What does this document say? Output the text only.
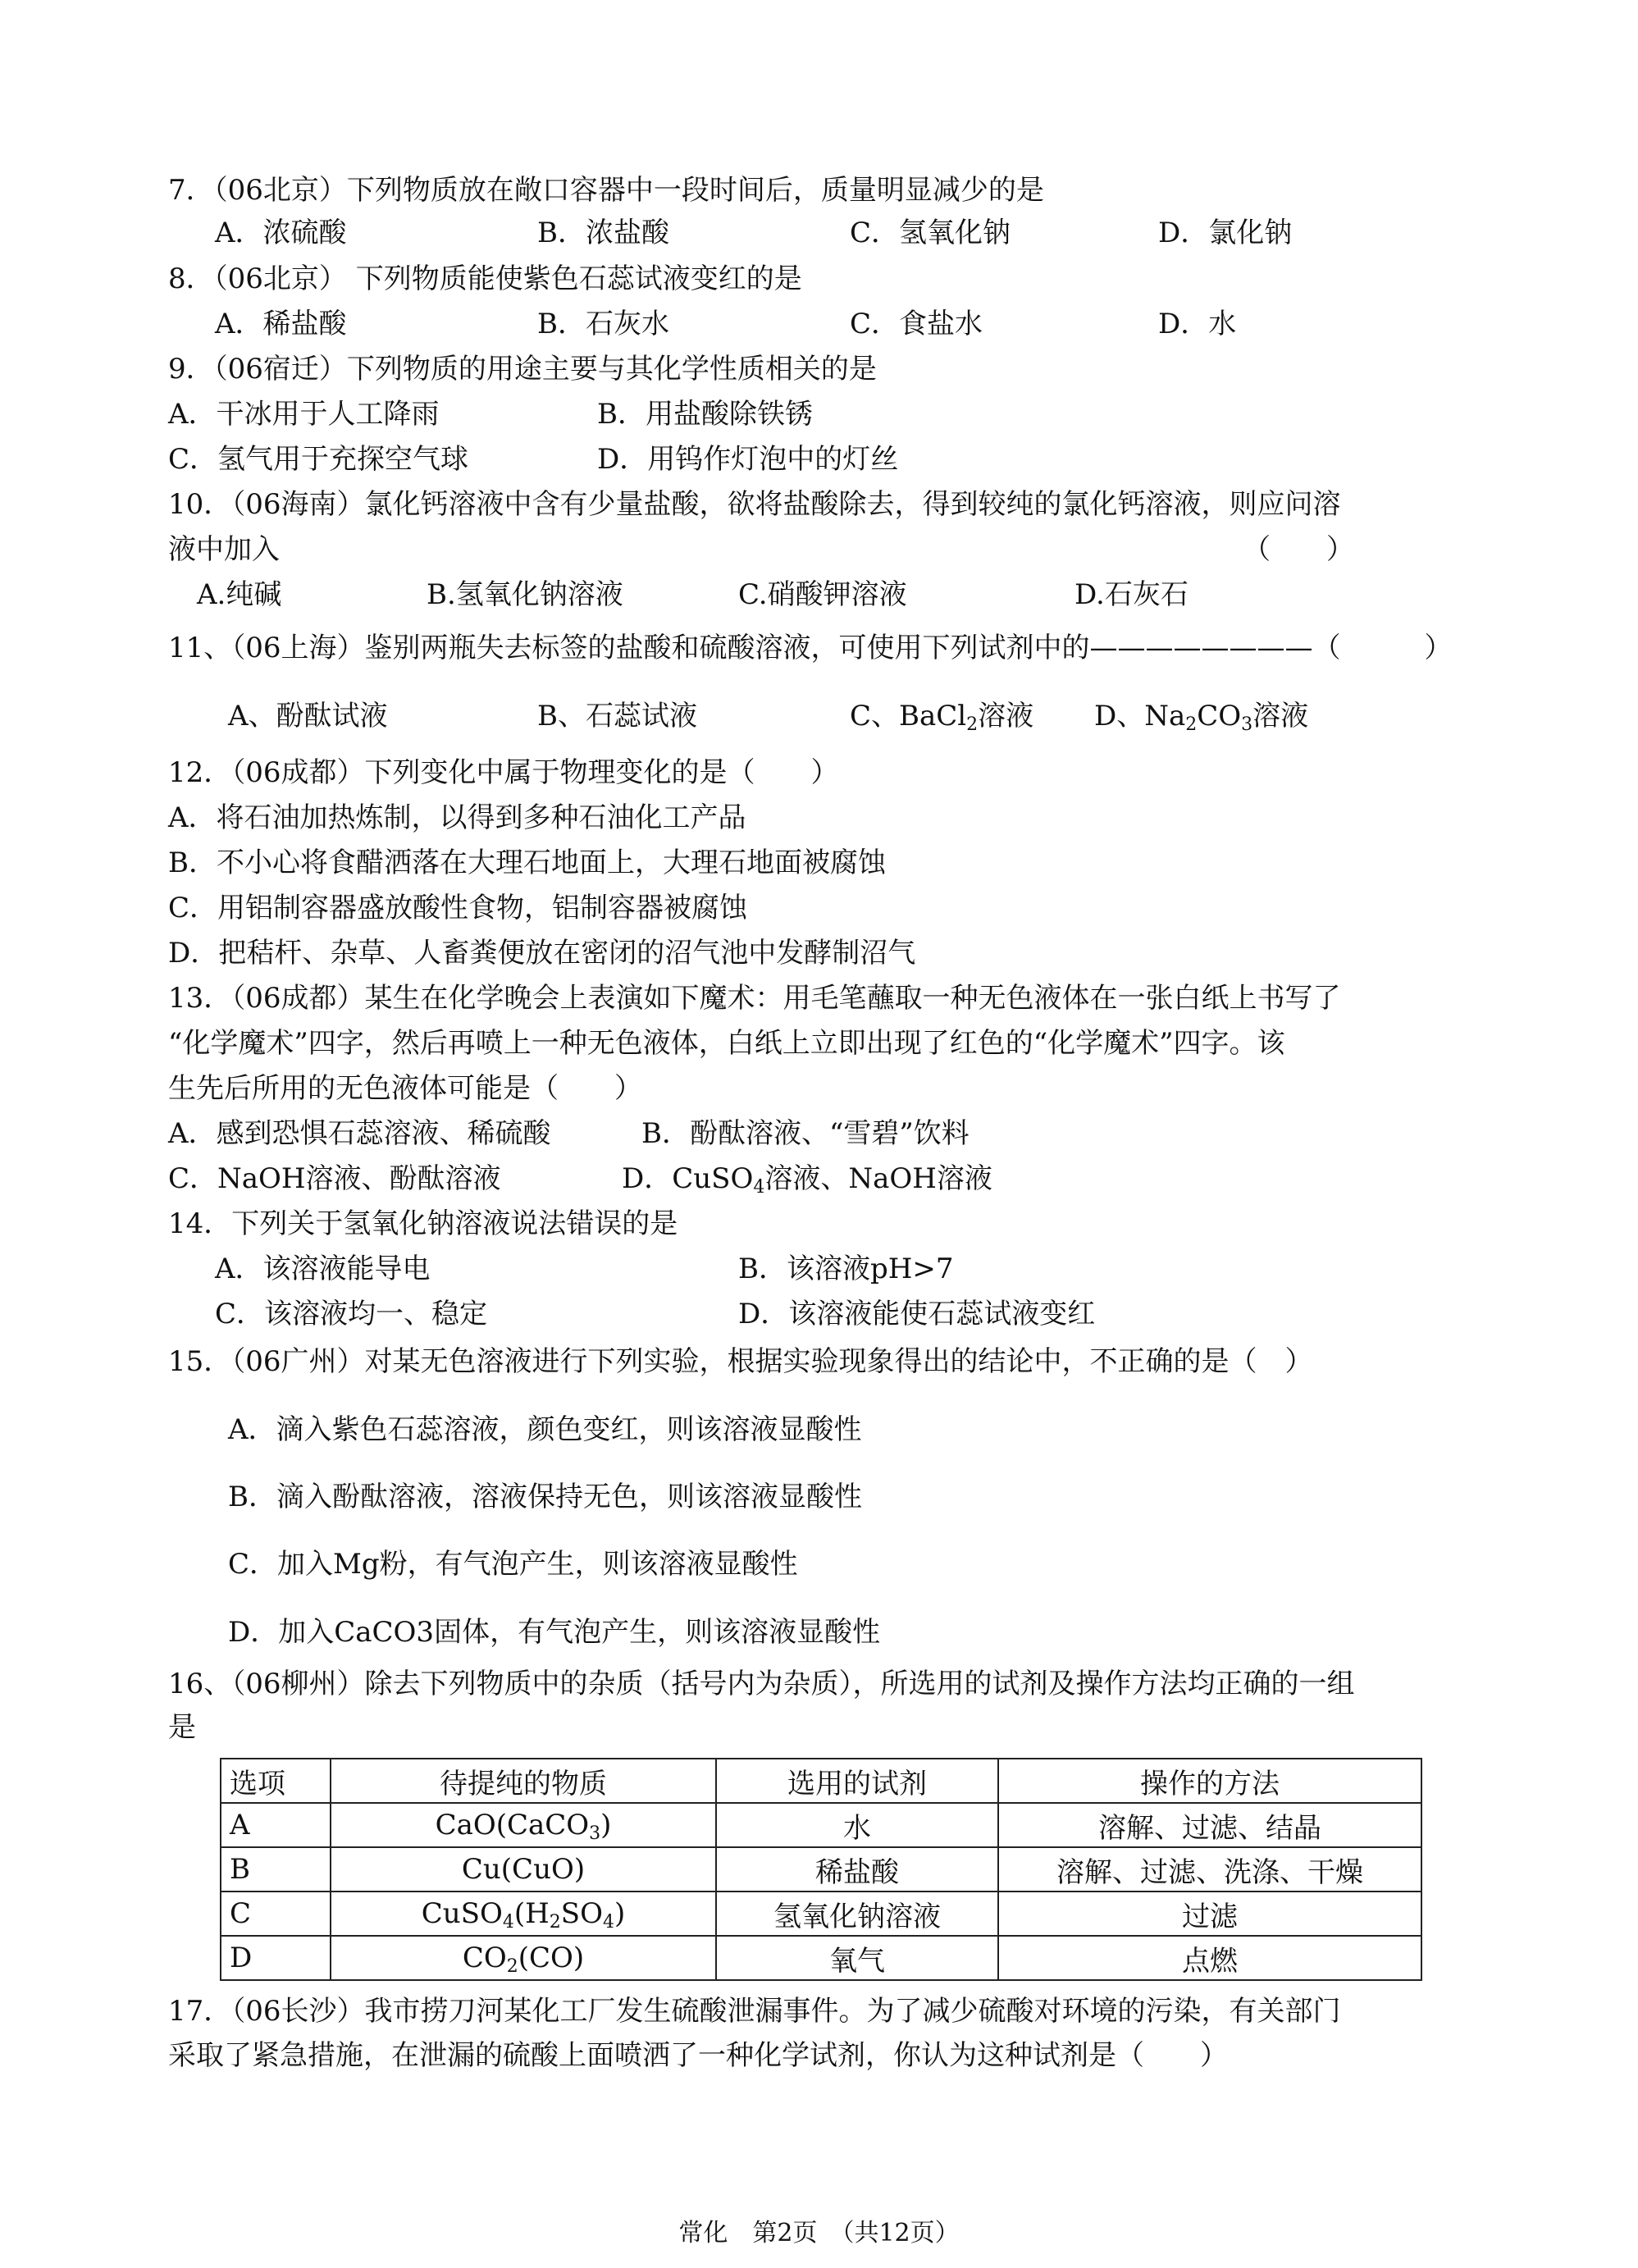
7．（06北京）下列物质放在敞口容器中一段时间后，质量明显减少的是
A．浓硫酸	B．浓盐酸	C．氢氧化钠	D．氯化钠
8．（06北京） 下列物质能使紫色石蕊试液变红的是
A．稀盐酸	B．石灰水	C．食盐水	D．水
9．（06宿迁）下列物质的用途主要与其化学性质相关的是
A．干冰用于人工降雨	B．用盐酸除铁锈
C．氢气用于充探空气球	D．用钨作灯泡中的灯丝
10．（06海南）氯化钙溶液中含有少量盐酸，欲将盐酸除去，得到较纯的氯化钙溶液，则应问溶
液中加入	（　　）
A.纯碱	B.氢氧化钠溶液	C.硝酸钾溶液	D.石灰石
11、（06上海）鉴别两瓶失去标签的盐酸和硫酸溶液，可使用下列试剂中的————————（　　　）
A、酚酞试液	B、石蕊试液	C、BaCl$_2$溶液 D、$Na_2CO_3$溶液
12．（06成都）下列变化中属于物理变化的是（　　）
A．将石油加热炼制，以得到多种石油化工产品
B．不小心将食醋洒落在大理石地面上，大理石地面被腐蚀
C．用铝制容器盛放酸性食物，铝制容器被腐蚀
D．把秸杆、杂草、人畜粪便放在密闭的沼气池中发酵制沼气
13．（06成都）某生在化学晚会上表演如下魔术：用毛笔蘸取一种无色液体在一张白纸上书写了
“化学魔术”四字，然后再喷上一种无色液体，白纸上立即出现了红色的“化学魔术”四字。该
生先后所用的无色液体可能是（　　）
A．感到恐惧石蕊溶液、稀硫酸	B．酚酞溶液、“雪碧”饮料
C．NaOH溶液、酚酞溶液	D．CuSO$_4$溶液、NaOH溶液
14．下列关于氢氧化钠溶液说法错误的是
A．该溶液能导电	B．该溶液pH>7
C．该溶液均一、稳定	D．该溶液能使石蕊试液变红
15．（06广州）对某无色溶液进行下列实验，根据实验现象得出的结论中，不正确的是（　）
A．滴入紫色石蕊溶液，颜色变红，则该溶液显酸性
B．滴入酚酞溶液，溶液保持无色，则该溶液显酸性
C．加入Mg粉，有气泡产生，则该溶液显酸性
D．加入CaCO3固体，有气泡产生，则该溶液显酸性
16、（06柳州）除去下列物质中的杂质（括号内为杂质），所选用的试剂及操作方法均正确的一组
是
选项	待提纯的物质	选用的试剂	操作的方法
A	CaO(CaCO$_3$)	水	溶解、过滤、结晶
B	Cu(CuO)	稀盐酸	溶解、过滤、洗涤、干燥
C	$CuSO_4(H_2SO_4)$	氢氧化钠溶液	过滤
D	$CO_2(CO)$	氧气	点燃
17．（06长沙）我市捞刀河某化工厂发生硫酸泄漏事件。为了减少硫酸对环境的污染，有关部门
采取了紧急措施，在泄漏的硫酸上面喷洒了一种化学试剂，你认为这种试剂是（　　）
常化　第2页　（共12页）
